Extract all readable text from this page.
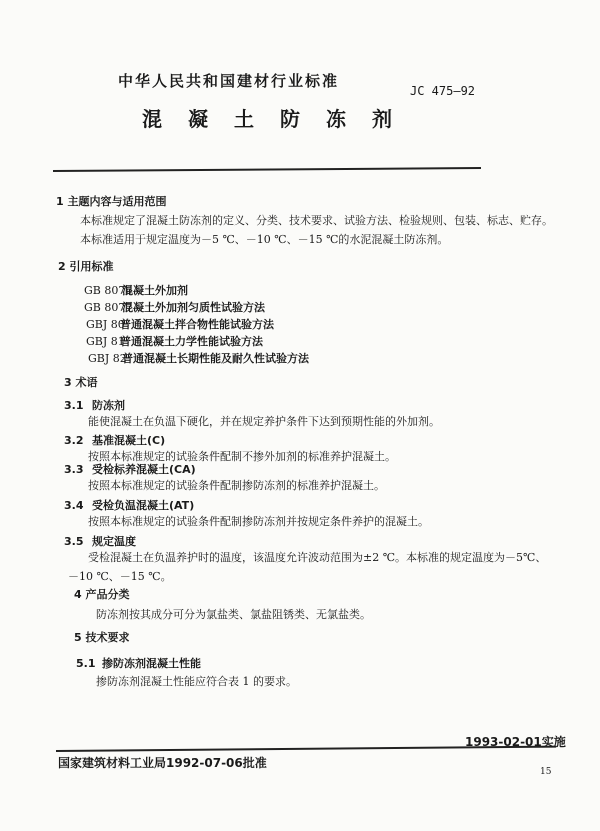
中华人民共和国建材行业标准
JC 475—92
混凝土防冻剂
1 主题内容与适用范围
本标准规定了混凝土防冻剂的定义、分类、技术要求、试验方法、检验规则、包装、标志、贮存。
本标准适用于规定温度为－5 ℃、－10 ℃、－15 ℃的水泥混凝土防冻剂。
2 引用标准
GB 8076
混凝土外加剂
GB 8077
混凝土外加剂匀质性试验方法
GBJ 80
普通混凝土拌合物性能试验方法
GBJ 81
普通混凝土力学性能试验方法
GBJ 82
普通混凝土长期性能及耐久性试验方法
3 术语
3.1 防冻剂
能使混凝土在负温下硬化，并在规定养护条件下达到预期性能的外加剂。
3.2 基准混凝土(C)
按照本标准规定的试验条件配制不掺外加剂的标准养护混凝土。
3.3 受检标养混凝土(CA)
按照本标准规定的试验条件配制掺防冻剂的标准养护混凝土。
3.4 受检负温混凝土(AT)
按照本标准规定的试验条件配制掺防冻剂并按规定条件养护的混凝土。
3.5 规定温度
受检混凝土在负温养护时的温度，该温度允许波动范围为±2 ℃。本标准的规定温度为－5℃、
－10 ℃、－15 ℃。
4 产品分类
防冻剂按其成分可分为氯盐类、氯盐阻锈类、无氯盐类。
5 技术要求
5.1 掺防冻剂混凝土性能
掺防冻剂混凝土性能应符合表 1 的要求。
国家建筑材料工业局1992-07-06批准
1993-02-01实施
15
